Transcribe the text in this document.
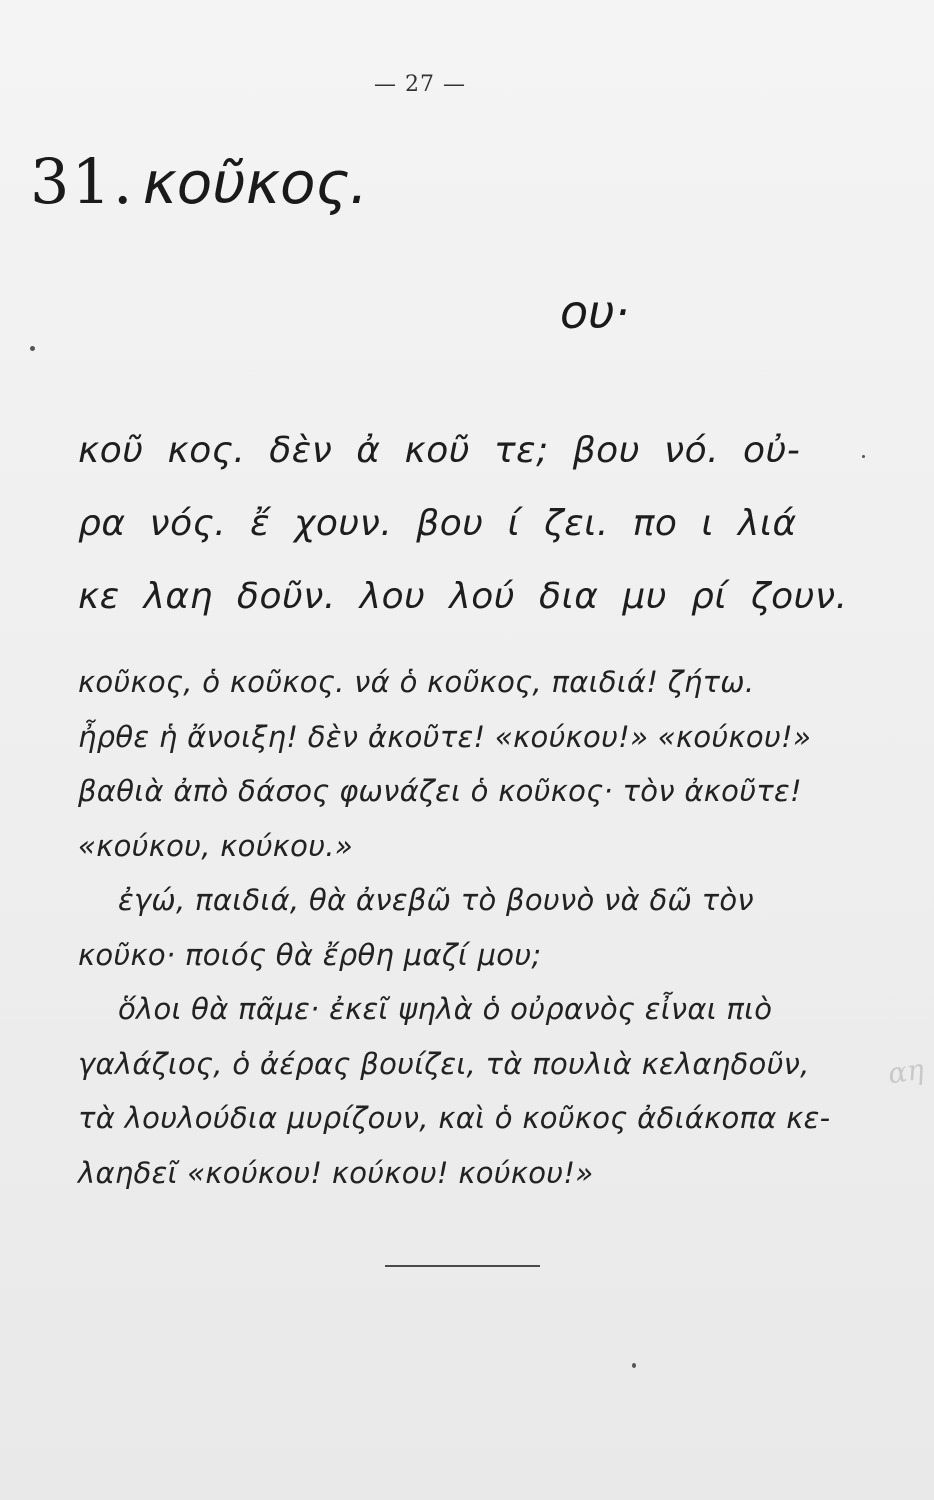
— 27 —
31. κοῦκος.
ου·
κοῦ κος. δὲν ἀ κοῦ τε; βου νό. οὐ-
ρα νός. ἔ χουν. βου ί ζει. πο ι λιά
κε λαη δοῦν. λου λού δια μυ ρί ζουν.
κοῦκος, ὁ κοῦκος. νά ὁ κοῦκος, παιδιά! ζήτω.
ἦρθε ἡ ἄνοιξη! δὲν ἀκοῦτε! «κούκου!» «κούκου!»
βαθιὰ ἀπὸ δάσος φωνάζει ὁ κοῦκος· τὸν ἀκοῦτε!
«κούκου, κούκου.»
ἐγώ, παιδιά, θὰ ἀνεβῶ τὸ βουνὸ νὰ δῶ τὸν
κοῦκο· ποιός θὰ ἔρθη μαζί μου;
ὅλοι θὰ πᾶμε· ἐκεῖ ψηλὰ ὁ οὐρανὸς εἶναι πιὸ
γαλάζιος, ὁ ἀέρας βουίζει, τὰ πουλιὰ κελαηδοῦν,
τὰ λουλούδια μυρίζουν, καὶ ὁ κοῦκος ἀδιάκοπα κε-
λαηδεῖ «κούκου! κούκου! κούκου!»
αη
